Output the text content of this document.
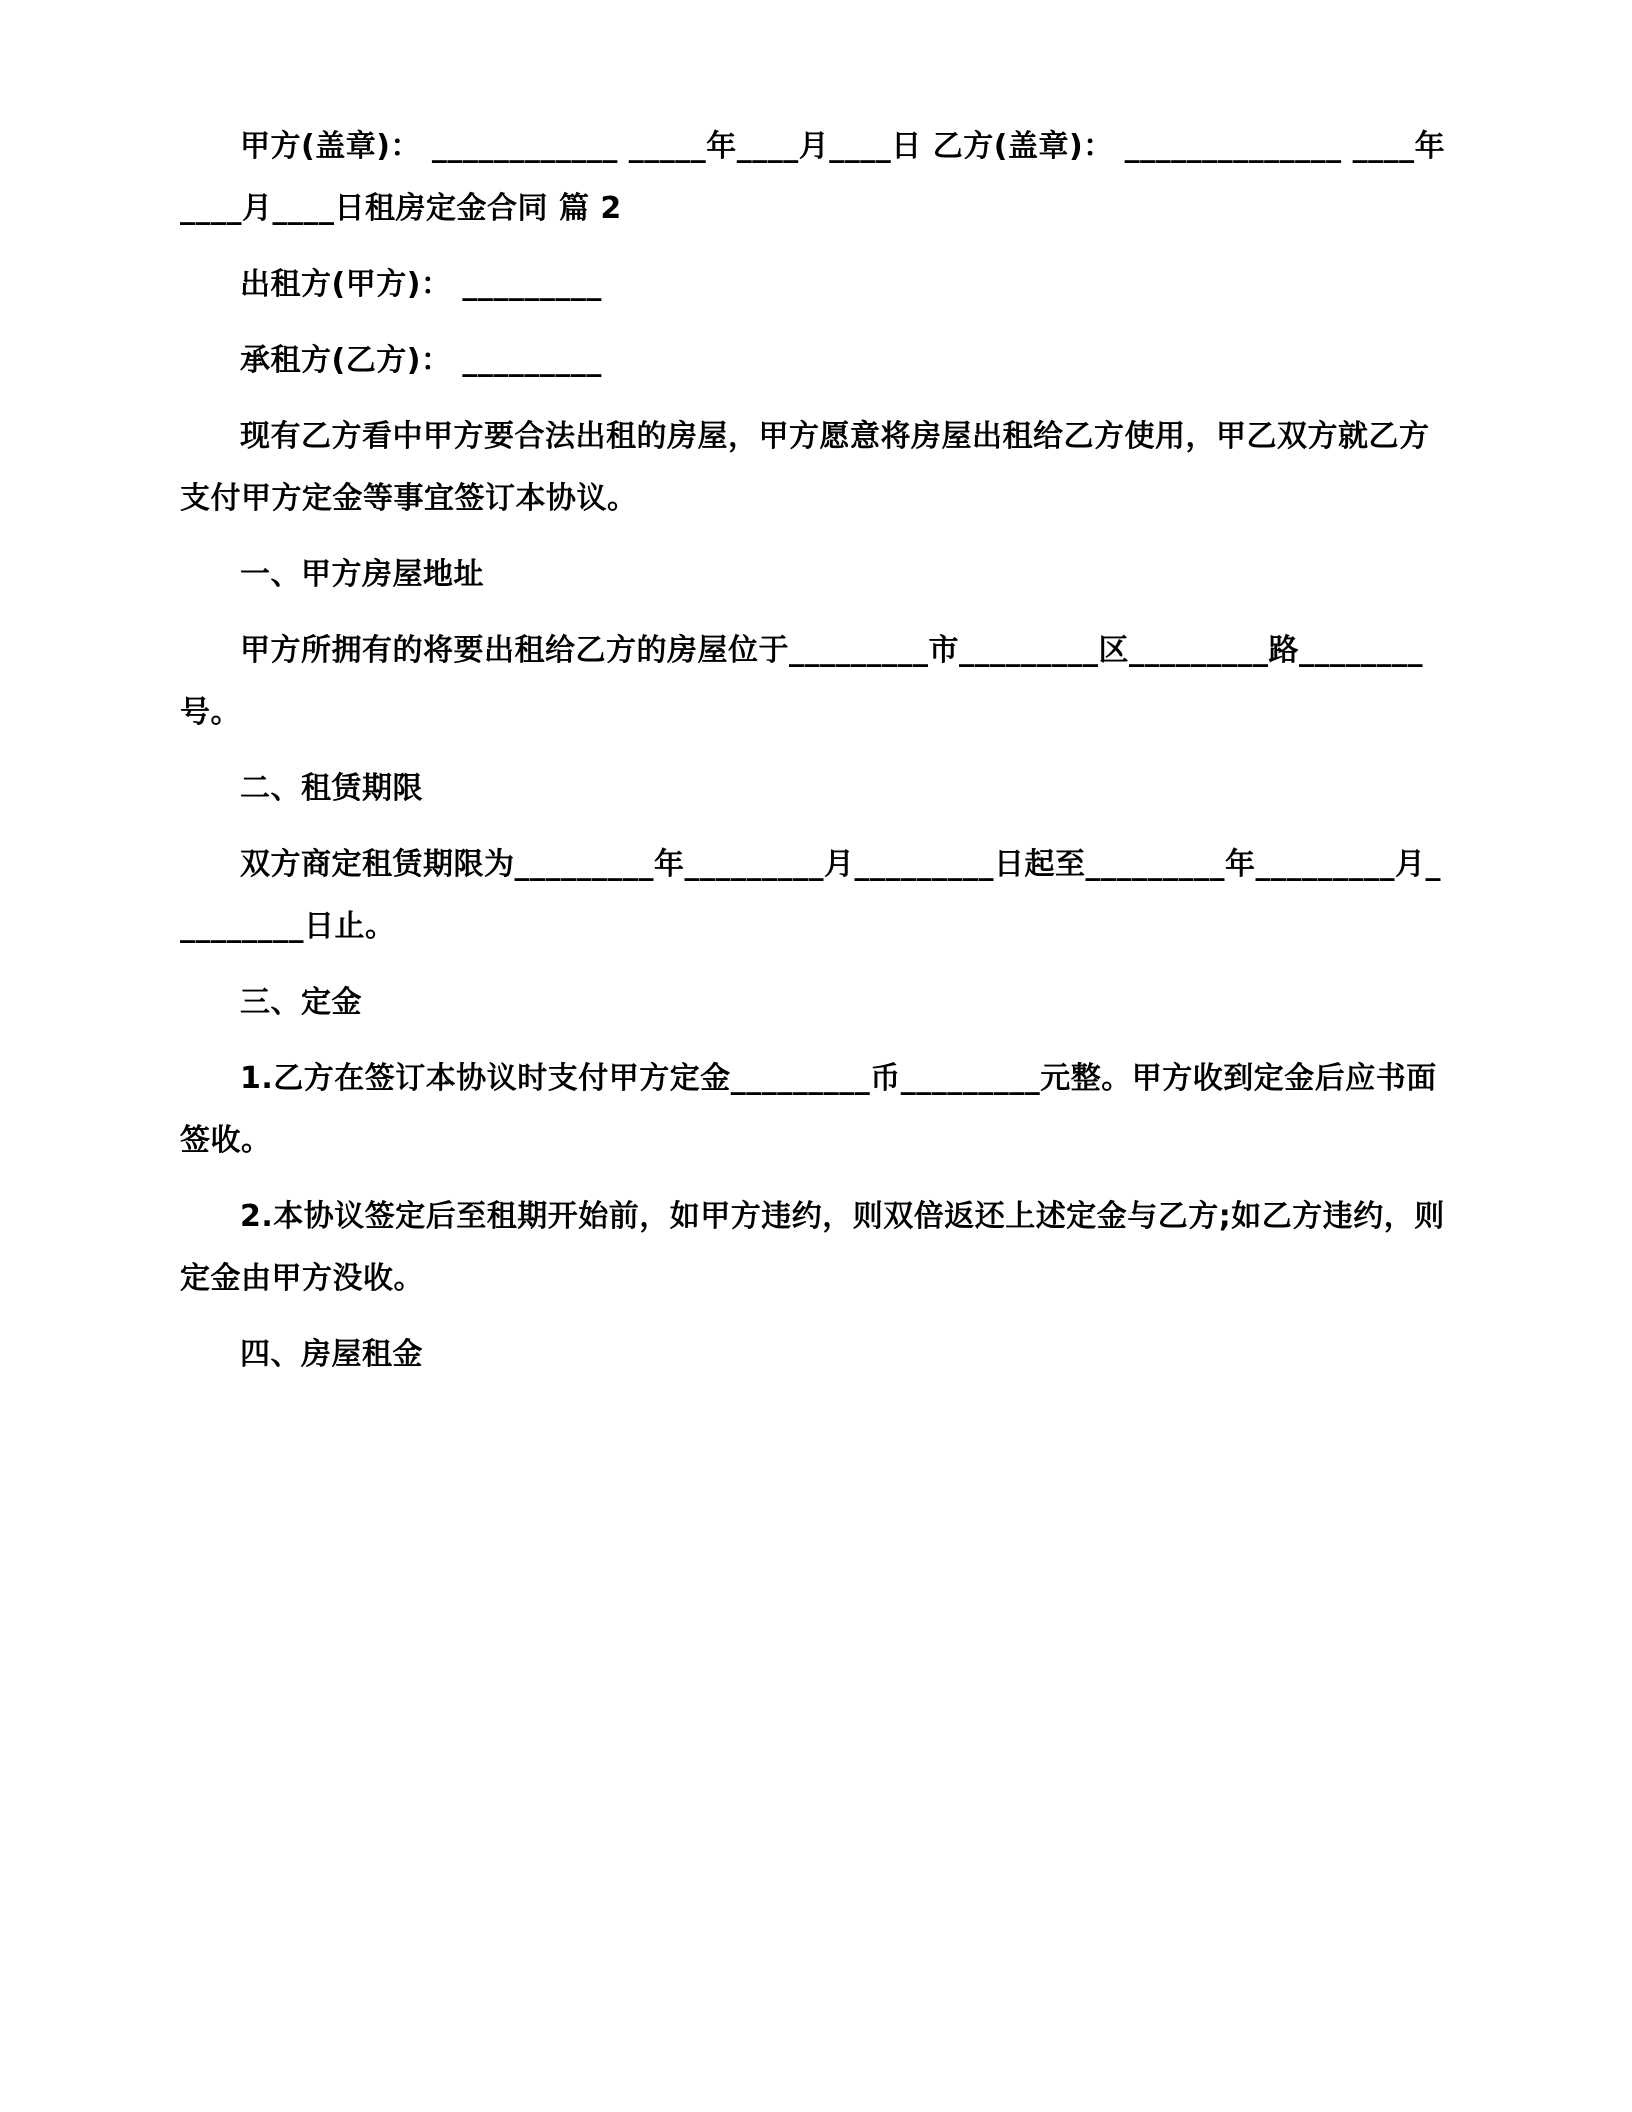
甲方(盖章)： ____________ _____年____月____日 乙方(盖章)： ______________ ____年____月____日租房定金合同 篇 2

出租方(甲方)： _________

承租方(乙方)： _________

现有乙方看中甲方要合法出租的房屋，甲方愿意将房屋出租给乙方使用，甲乙双方就乙方支付甲方定金等事宜签订本协议。

一、甲方房屋地址

甲方所拥有的将要出租给乙方的房屋位于_________市_________区_________路________号。

二、租赁期限

双方商定租赁期限为_________年_________月_________日起至_________年_________月_________日止。

三、定金

1.乙方在签订本协议时支付甲方定金_________币_________元整。甲方收到定金后应书面签收。

2.本协议签定后至租期开始前，如甲方违约，则双倍返还上述定金与乙方;如乙方违约，则定金由甲方没收。

四、房屋租金
